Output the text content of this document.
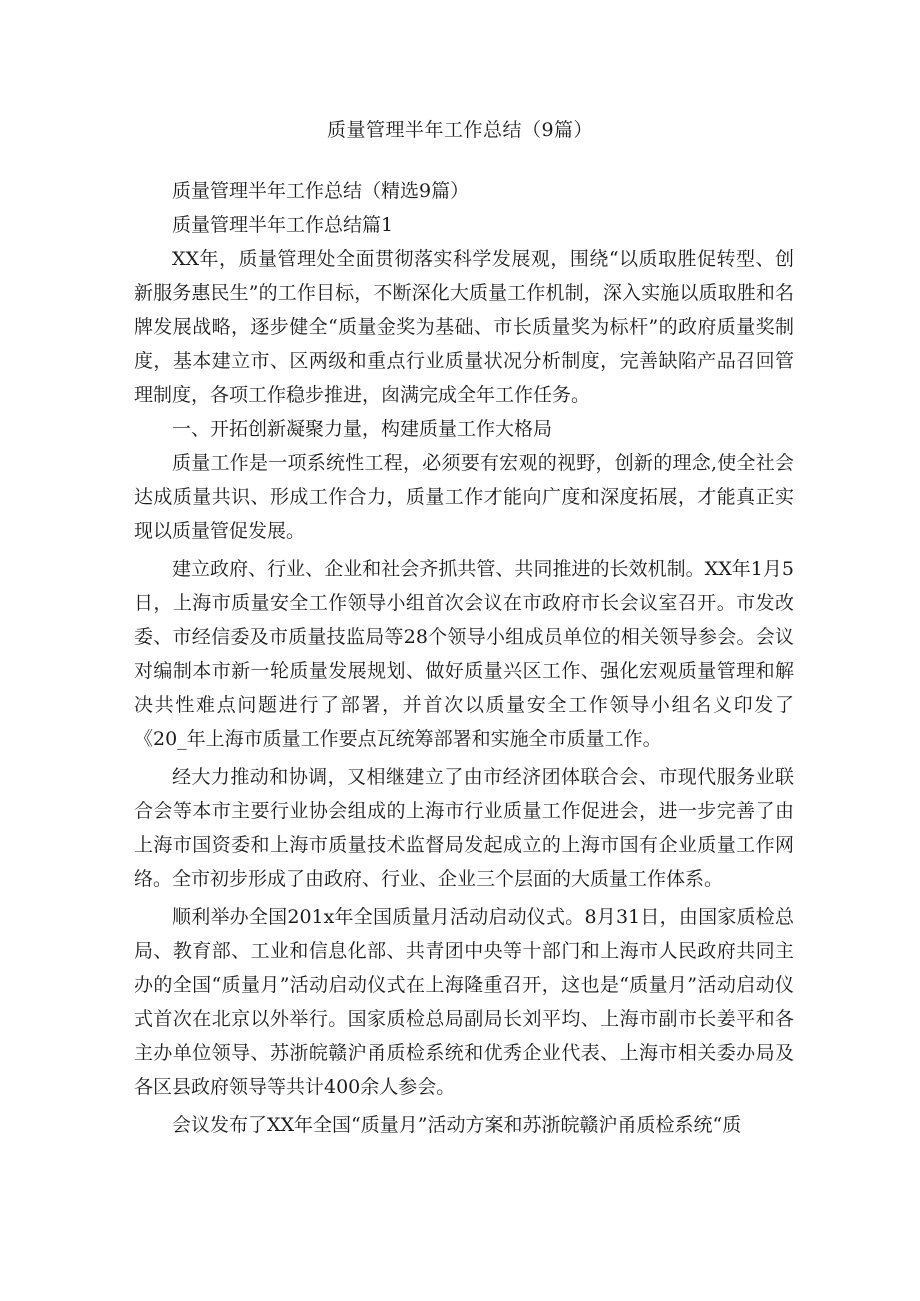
质量管理半年工作总结（9篇）

质量管理半年工作总结（精选9篇）

质量管理半年工作总结篇1

XX年，质量管理处全面贯彻落实科学发展观，围绕“以质取胜促转型、创新服务惠民生”的工作目标，不断深化大质量工作机制，深入实施以质取胜和名牌发展战略，逐步健全“质量金奖为基础、市长质量奖为标杆”的政府质量奖制度，基本建立市、区两级和重点行业质量状况分析制度，完善缺陷产品召回管理制度，各项工作稳步推进，囱满完成全年工作任务。

一、开拓创新凝聚力量，构建质量工作大格局

质量工作是一项系统性工程，必须要有宏观的视野，创新的理念,使全社会达成质量共识、形成工作合力，质量工作才能向广度和深度拓展，才能真正实现以质量管促发展。

建立政府、行业、企业和社会齐抓共管、共同推进的长效机制。XX年1月5日，上海市质量安全工作领导小组首次会议在市政府市长会议室召开。市发改委、市经信委及市质量技监局等28个领导小组成员单位的相关领导参会。会议对编制本市新一轮质量发展规划、做好质量兴区工作、强化宏观质量管理和解决共性难点问题进行了部署，并首次以质量安全工作领导小组名义印发了《20_年上海市质量工作要点瓦统筹部署和实施全市质量工作。

经大力推动和协调，又相继建立了由市经济团体联合会、市现代服务业联合会等本市主要行业协会组成的上海市行业质量工作促进会，进一步完善了由上海市国资委和上海市质量技术监督局发起成立的上海市国有企业质量工作网络。全市初步形成了由政府、行业、企业三个层面的大质量工作体系。

顺利举办全国201x年全国质量月活动启动仪式。8月31日，由国家质检总局、教育部、工业和信息化部、共青团中央等十部门和上海市人民政府共同主办的全国“质量月”活动启动仪式在上海隆重召开，这也是“质量月”活动启动仪式首次在北京以外举行。国家质检总局副局长刘平均、上海市副市长姜平和各主办单位领导、苏浙皖赣沪甬质检系统和优秀企业代表、上海市相关委办局及各区县政府领导等共计400余人参会。

会议发布了XX年全国“质量月”活动方案和苏浙皖赣沪甬质检系统“质
